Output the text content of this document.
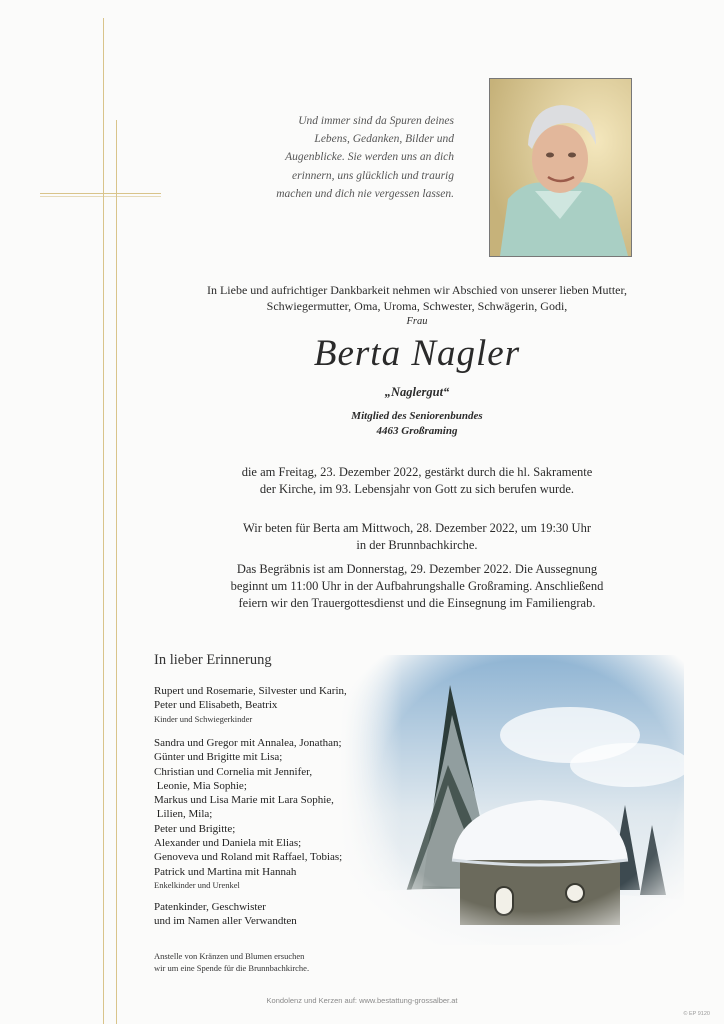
Und immer sind da Spuren deines
Lebens, Gedanken, Bilder und
Augenblicke. Sie werden uns an dich
erinnern, uns glücklich und traurig
machen und dich nie vergessen lassen.
In Liebe und aufrichtiger Dankbarkeit nehmen wir Abschied von unserer lieben Mutter,
Schwiegermutter, Oma, Uroma, Schwester, Schwägerin, Godi,
Frau
Berta Nagler
„Naglergut“
Mitglied des Seniorenbundes
4463 Großraming
die am Freitag, 23. Dezember 2022, gestärkt durch die hl. Sakramente
der Kirche, im 93. Lebensjahr von Gott zu sich berufen wurde.
Wir beten für Berta am Mittwoch, 28. Dezember 2022, um 19:30 Uhr
in der Brunnbachkirche.
Das Begräbnis ist am Donnerstag, 29. Dezember 2022. Die Aussegnung
beginnt um 11:00 Uhr in der Aufbahrungshalle Großraming. Anschließend
feiern wir den Trauergottesdienst und die Einsegnung im Familiengrab.
In lieber Erinnerung
Rupert und Rosemarie, Silvester und Karin,
Peter und Elisabeth, Beatrix
Kinder und Schwiegerkinder
Sandra und Gregor mit Annalea, Jonathan;
Günter und Brigitte mit Lisa;
Christian und Cornelia mit Jennifer,
Leonie, Mia Sophie;
Markus und Lisa Marie mit Lara Sophie,
Lilien, Mila;
Peter und Brigitte;
Alexander und Daniela mit Elias;
Genoveva und Roland mit Raffael, Tobias;
Patrick und Martina mit Hannah
Enkelkinder und Urenkel
Patenkinder, Geschwister
und im Namen aller Verwandten
Anstelle von Kränzen und Blumen ersuchen
wir um eine Spende für die Brunnbachkirche.
Kondolenz und Kerzen auf: www.bestattung-grossalber.at
© EP 9120
